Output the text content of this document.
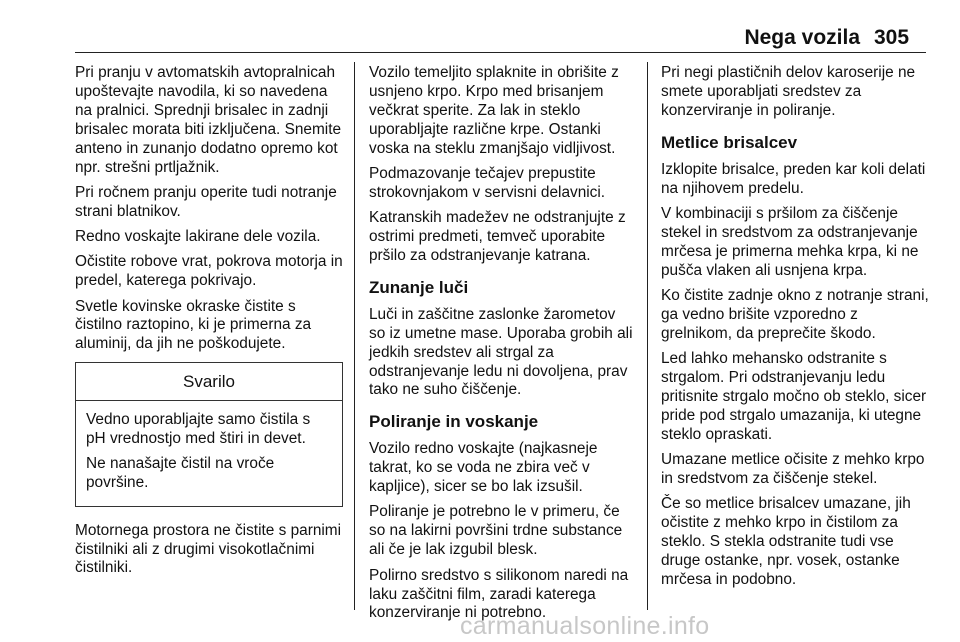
Nega vozila 305

Pri pranju v avtomatskih avtopralnicah upoštevajte navodila, ki so navedena na pralnici. Sprednji brisalec in zadnji brisalec morata biti izključena. Snemite anteno in zunanjo dodatno opremo kot npr. strešni prtljažnik.

Pri ročnem pranju operite tudi notranje strani blatnikov.

Redno voskajte lakirane dele vozila.

Očistite robove vrat, pokrova motorja in predel, katerega pokrivajo.

Svetle kovinske okraske čistite s čistilno raztopino, ki je primerna za aluminij, da jih ne poškodujete.

Svarilo

Vedno uporabljajte samo čistila s pH vrednostjo med štiri in devet.

Ne nanašajte čistil na vroče površine.

Motornega prostora ne čistite s parnimi čistilniki ali z drugimi visokotlačnimi čistilniki.

Vozilo temeljito splaknite in obrišite z usnjeno krpo. Krpo med brisanjem večkrat sperite. Za lak in steklo uporabljajte različne krpe. Ostanki voska na steklu zmanjšajo vidljivost.

Podmazovanje tečajev prepustite strokovnjakom v servisni delavnici.

Katranskih madežev ne odstranjujte z ostrimi predmeti, temveč uporabite pršilo za odstranjevanje katrana.

Zunanje luči

Luči in zaščitne zaslonke žarometov so iz umetne mase. Uporaba grobih ali jedkih sredstev ali strgal za odstranjevanje ledu ni dovoljena, prav tako ne suho čiščenje.

Poliranje in voskanje

Vozilo redno voskajte (najkasneje takrat, ko se voda ne zbira več v kapljice), sicer se bo lak izsušil.

Poliranje je potrebno le v primeru, če so na lakirni površini trdne substance ali če je lak izgubil blesk.

Polirno sredstvo s silikonom naredi na laku zaščitni film, zaradi katerega konzerviranje ni potrebno.

Pri negi plastičnih delov karoserije ne smete uporabljati sredstev za konzerviranje in poliranje.

Metlice brisalcev

Izklopite brisalce, preden kar koli delati na njihovem predelu.

V kombinaciji s pršilom za čiščenje stekel in sredstvom za odstranjevanje mrčesa je primerna mehka krpa, ki ne pušča vlaken ali usnjena krpa.

Ko čistite zadnje okno z notranje strani, ga vedno brišite vzporedno z grelnikom, da preprečite škodo.

Led lahko mehansko odstranite s strgalom. Pri odstranjevanju ledu pritisnite strgalo močno ob steklo, sicer pride pod strgalo umazanija, ki utegne steklo opraskati.

Umazane metlice očisite z mehko krpo in sredstvom za čiščenje stekel.

Če so metlice brisalcev umazane, jih očistite z mehko krpo in čistilom za steklo. S stekla odstranite tudi vse druge ostanke, npr. vosek, ostanke mrčesa in podobno.

carmanualsonline.info
